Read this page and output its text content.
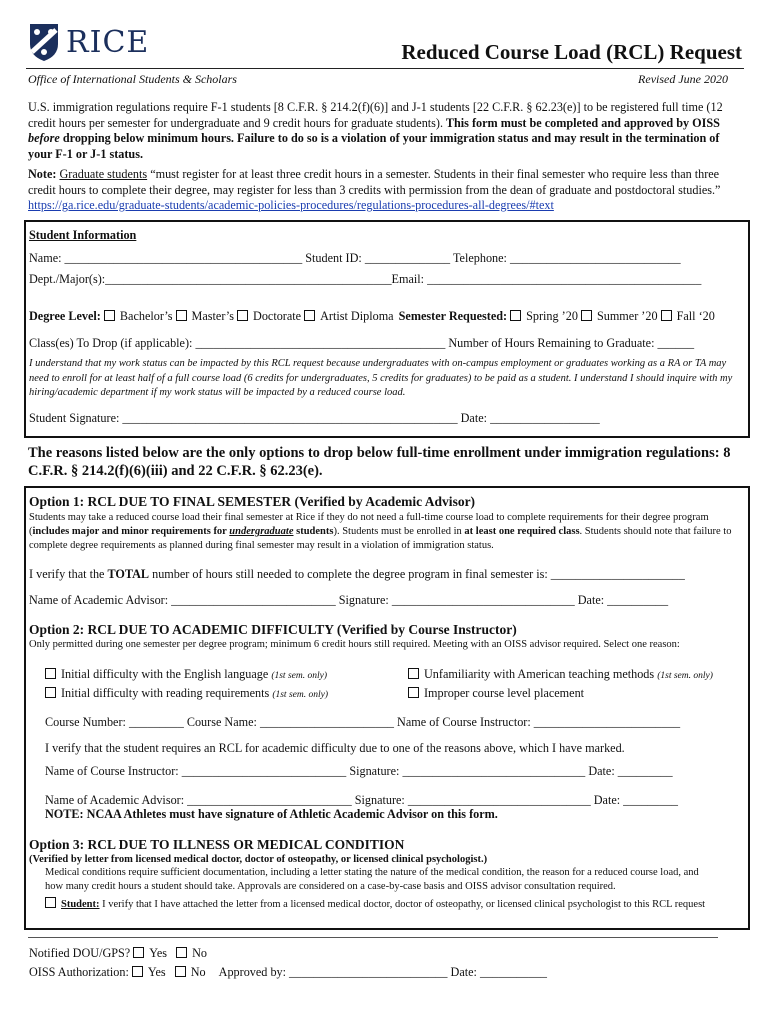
RICE	Reduced Course Load (RCL) Request
Office of International Students & Scholars	Revised June 2020
U.S. immigration regulations require F-1 students [8 C.F.R. § 214.2(f)(6)] and J-1 students [22 C.F.R. § 62.23(e)] to be registered full time (12 credit hours per semester for undergraduate and 9 credit hours for graduate students). This form must be completed and approved by OISS before dropping below minimum hours. Failure to do so is a violation of your immigration status and may result in the termination of your F-1 or J-1 status.
Note: Graduate students “must register for at least three credit hours in a semester. Students in their final semester who require less than three credit hours to complete their degree, may register for less than 3 credits with permission from the dean of graduate and postdoctoral studies.” https://ga.rice.edu/graduate-students/academic-policies-procedures/regulations-procedures-all-degrees/#text
Student Information
Name: _______________________________________ Student ID: ______________ Telephone: ____________________________
Dept./Major(s):_______________________________________________Email: _____________________________________________
Degree Level: Bachelor’s Master’s Doctorate Artist Diploma Semester Requested: Spring ’20 Summer ’20 Fall ‘20
Class(es) To Drop (if applicable): _________________________________________ Number of Hours Remaining to Graduate: ______
I understand that my work status can be impacted by this RCL request because undergraduates with on-campus employment or graduates working as a RA or TA may need to enroll for at least half of a full course load (6 credits for undergraduates, 5 credits for graduates) to be paid as a student. I understand I should inquire with my hiring/academic department if my work status will be impacted by a reduced course load.
Student Signature: _______________________________________________________ Date: __________________
The reasons listed below are the only options to drop below full-time enrollment under immigration regulations: 8 C.F.R. § 214.2(f)(6)(iii) and 22 C.F.R. § 62.23(e).
Option 1: RCL DUE TO FINAL SEMESTER (Verified by Academic Advisor)
Students may take a reduced course load their final semester at Rice if they do not need a full-time course load to complete requirements for their degree program (includes major and minor requirements for undergraduate students). Students must be enrolled in at least one required class. Students should note that failure to complete degree requirements as planned during final semester may result in a violation of immigration status.
I verify that the TOTAL number of hours still needed to complete the degree program in final semester is: ______________________
Name of Academic Advisor: ___________________________ Signature: ______________________________ Date: __________
Option 2: RCL DUE TO ACADEMIC DIFFICULTY (Verified by Course Instructor)
Only permitted during one semester per degree program; minimum 6 credit hours still required. Meeting with an OISS advisor required. Select one reason:
Initial difficulty with the English language (1st sem. only)
Initial difficulty with reading requirements (1st sem. only)
Unfamiliarity with American teaching methods (1st sem. only)
Improper course level placement
Course Number: _________ Course Name: ______________________ Name of Course Instructor: ________________________
I verify that the student requires an RCL for academic difficulty due to one of the reasons above, which I have marked.
Name of Course Instructor: ___________________________ Signature: ______________________________ Date: _________
Name of Academic Advisor: ___________________________ Signature: ______________________________ Date: _________
NOTE: NCAA Athletes must have signature of Athletic Academic Advisor on this form.
Option 3: RCL DUE TO ILLNESS OR MEDICAL CONDITION
(Verified by letter from licensed medical doctor, doctor of osteopathy, or licensed clinical psychologist.)
Medical conditions require sufficient documentation, including a letter stating the nature of the medical condition, the reason for a reduced course load, and how many credit hours a student should take. Approvals are considered on a case-by-case basis and OISS advisor consultation required.
Student: I verify that I have attached the letter from a licensed medical doctor, doctor of osteopathy, or licensed clinical psychologist to this RCL request
Notified DOU/GPS? Yes No
OISS Authorization: Yes No Approved by: __________________________ Date: ___________
